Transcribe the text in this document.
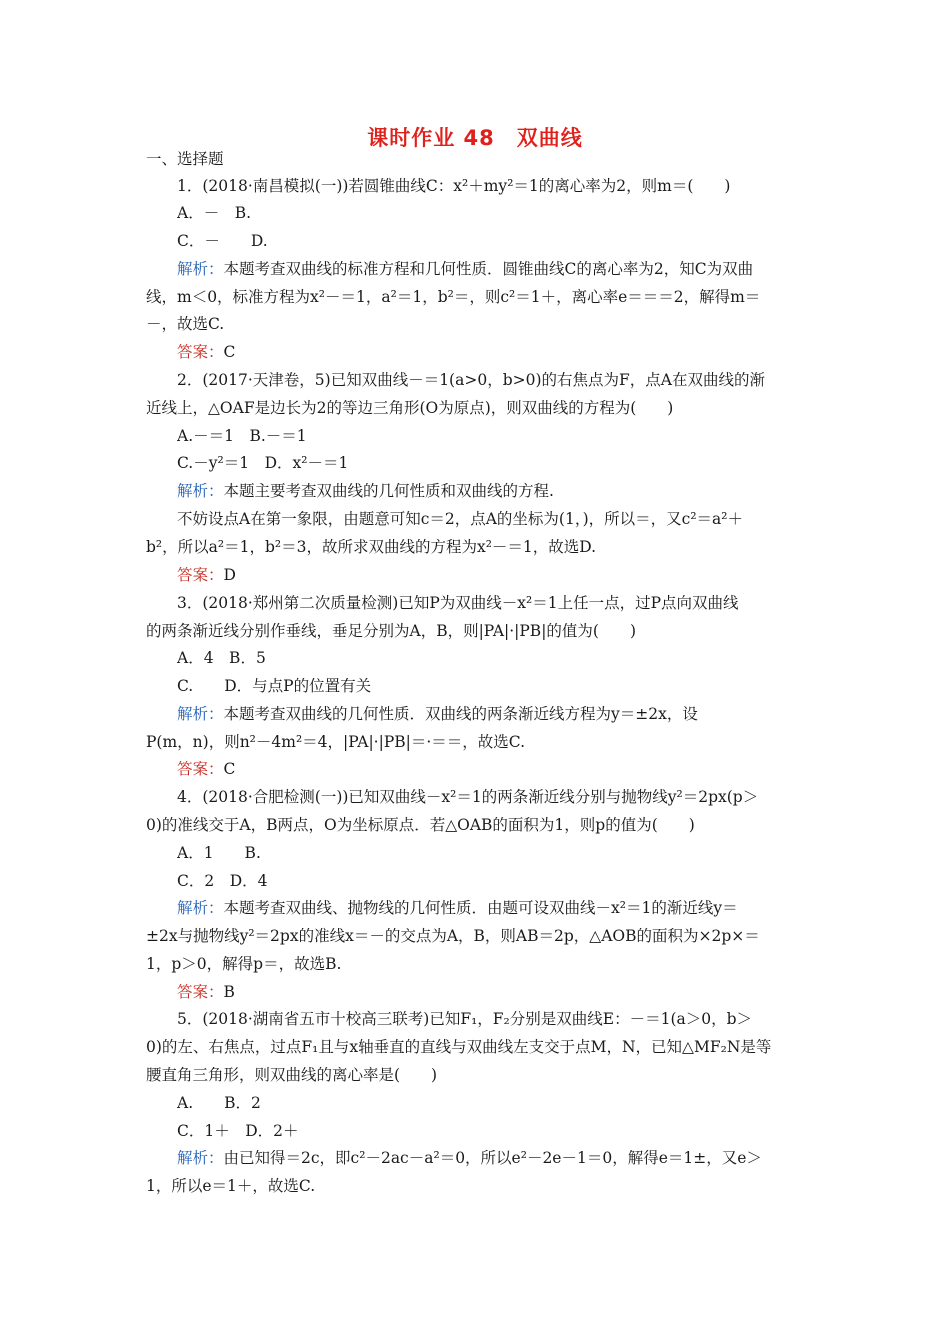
课时作业 48　双曲线
一、选择题
1．(2018·南昌模拟(一))若圆锥曲线C：x²＋my²＝1的离心率为2，则m＝(　　)
A．－　B.
C．－　　D.
解析：本题考查双曲线的标准方程和几何性质．圆锥曲线C的离心率为2，知C为双曲
线，m＜0，标准方程为x²－＝1，a²＝1，b²＝，则c²＝1＋，离心率e＝＝＝2，解得m＝
－，故选C.
答案：C
2．(2017·天津卷，5)已知双曲线－＝1(a>0，b>0)的右焦点为F，点A在双曲线的渐
近线上，△OAF是边长为2的等边三角形(O为原点)，则双曲线的方程为(　　)
A.－＝1　B.－＝1
C.－y²＝1　D．x²－＝1
解析：本题主要考查双曲线的几何性质和双曲线的方程.
不妨设点A在第一象限，由题意可知c＝2，点A的坐标为(1，)，所以＝，又c²＝a²＋
b²，所以a²＝1，b²＝3，故所求双曲线的方程为x²－＝1，故选D.
答案：D
3．(2018·郑州第二次质量检测)已知P为双曲线－x²＝1上任一点，过P点向双曲线
的两条渐近线分别作垂线，垂足分别为A，B，则|PA|·|PB|的值为(　　)
A．4　B．5
C.　　D．与点P的位置有关
解析：本题考查双曲线的几何性质．双曲线的两条渐近线方程为y＝±2x，设
P(m，n)，则n²－4m²＝4，|PA|·|PB|＝·＝＝，故选C.
答案：C
4．(2018·合肥检测(一))已知双曲线－x²＝1的两条渐近线分别与抛物线y²＝2px(p＞
0)的准线交于A，B两点，O为坐标原点．若△OAB的面积为1，则p的值为(　　)
A．1　　B.
C．2　D．4
解析：本题考查双曲线、抛物线的几何性质．由题可设双曲线－x²＝1的渐近线y＝
±2x与抛物线y²＝2px的准线x＝－的交点为A，B，则AB＝2p，△AOB的面积为×2p×＝
1，p＞0，解得p＝，故选B.
答案：B
5．(2018·湖南省五市十校高三联考)已知F₁，F₂分别是双曲线E：－＝1(a＞0，b＞
0)的左、右焦点，过点F₁且与x轴垂直的直线与双曲线左支交于点M，N，已知△MF₂N是等
腰直角三角形，则双曲线的离心率是(　　)
A.　　B．2
C．1＋　D．2＋
解析：由已知得＝2c，即c²－2ac－a²＝0，所以e²－2e－1＝0，解得e＝1±，又e＞
1，所以e＝1＋，故选C.
